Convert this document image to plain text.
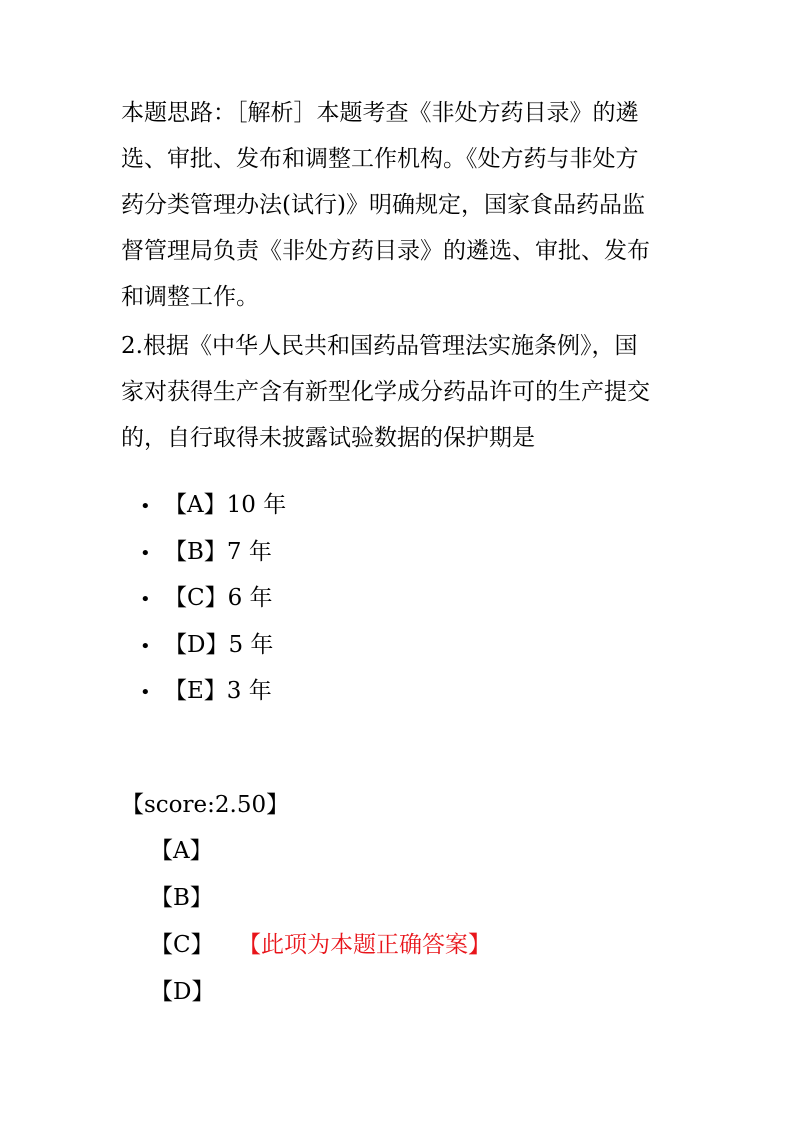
本题思路：［解析］本题考查《非处方药目录》的遴
选、审批、发布和调整工作机构。《处方药与非处方
药分类管理办法(试行)》明确规定，国家食品药品监
督管理局负责《非处方药目录》的遴选、审批、发布
和调整工作。
2.根据《中华人民共和国药品管理法实施条例》，国
家对获得生产含有新型化学成分药品许可的生产提交
的，自行取得未披露试验数据的保护期是
• 【A】10 年
• 【B】7 年
• 【C】6 年
• 【D】5 年
• 【E】3 年
【score:2.50】
【A】
【B】
【C】 【此项为本题正确答案】
【D】
